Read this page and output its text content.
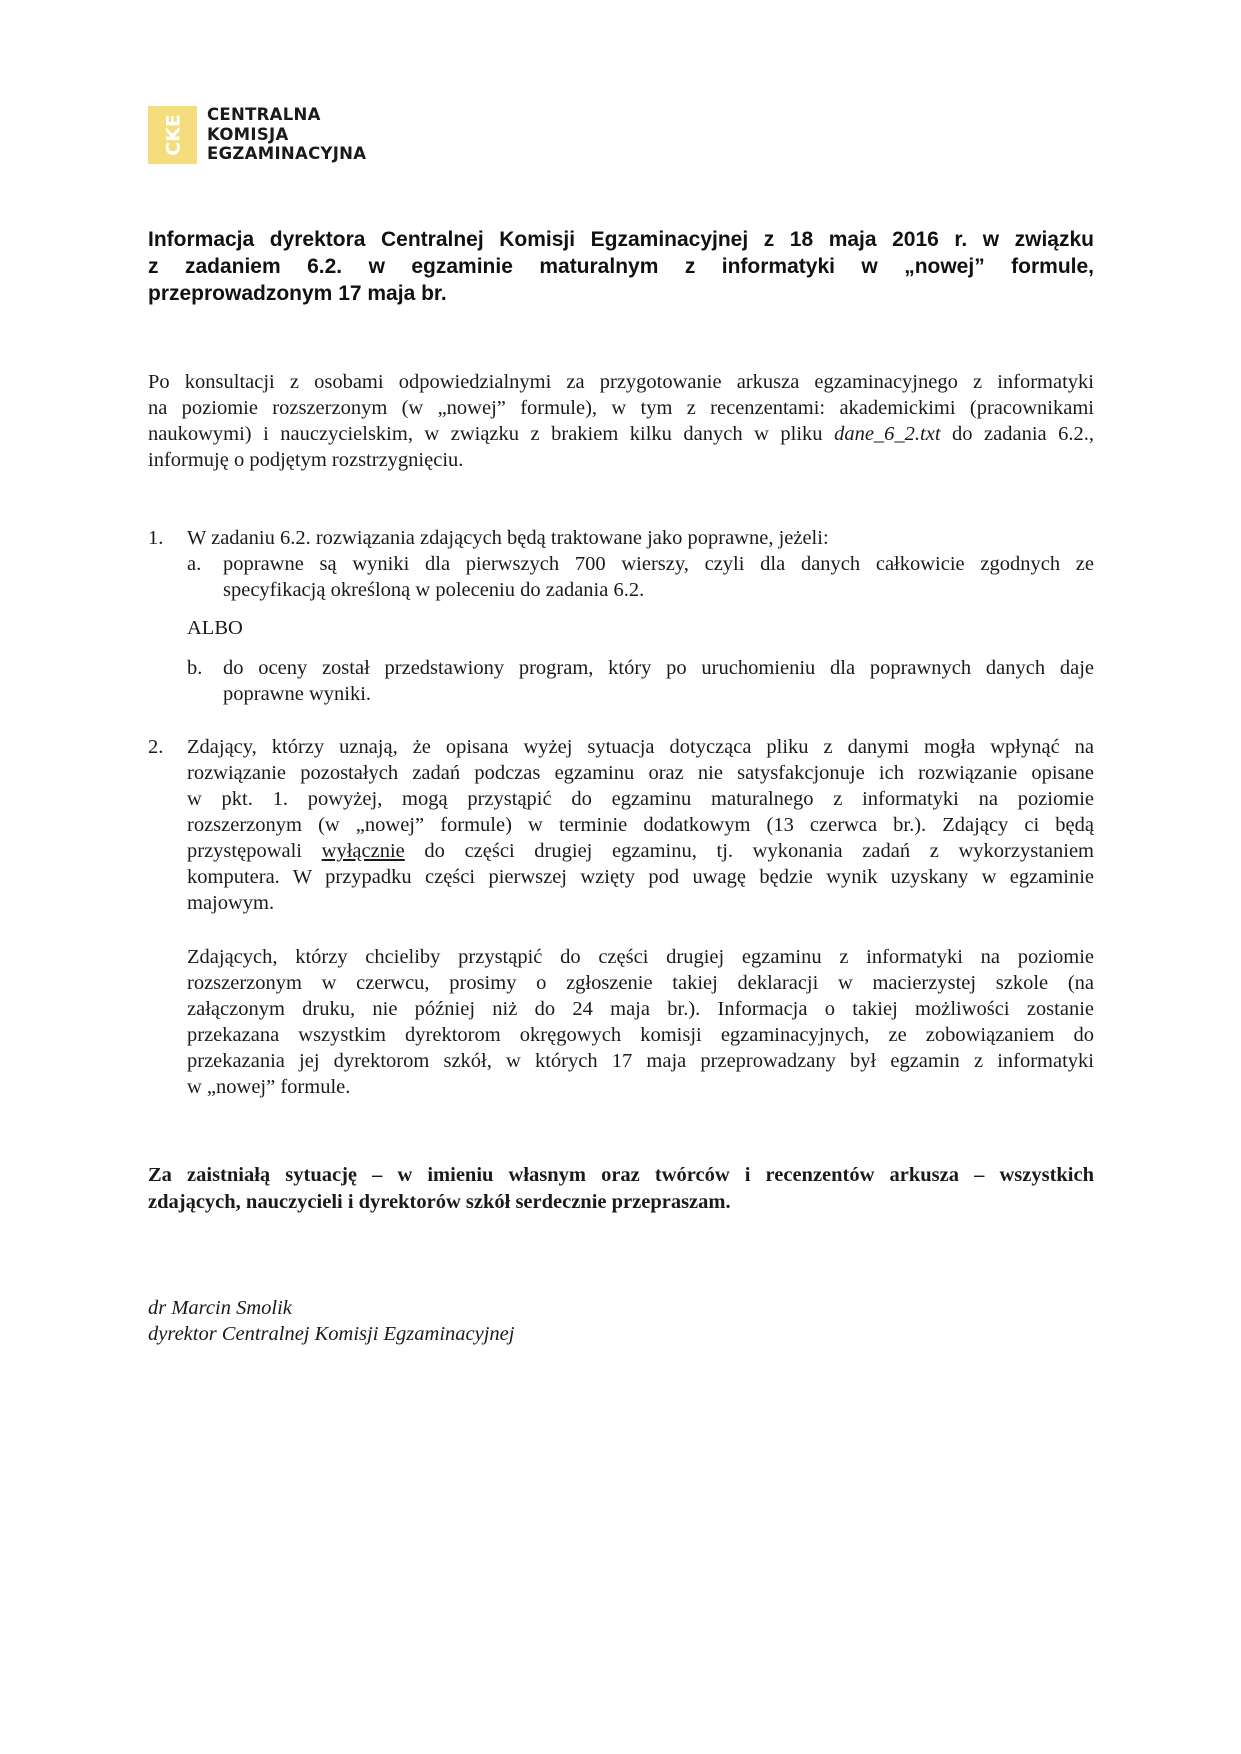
CKE CENTRALNA
KOMISJA
EGZAMINACYJNA
Informacja dyrektora Centralnej Komisji Egzaminacyjnej z 18 maja 2016 r. w związku
z zadaniem 6.2. w egzaminie maturalnym z informatyki w „nowej” formule,
przeprowadzonym 17 maja br.
Po konsultacji z osobami odpowiedzialnymi za przygotowanie arkusza egzaminacyjnego z informatyki
na poziomie rozszerzonym (w „nowej” formule), w tym z recenzentami: akademickimi (pracownikami
naukowymi) i nauczycielskim, w związku z brakiem kilku danych w pliku dane_6_2.txt do zadania 6.2.,
informuję o podjętym rozstrzygnięciu.
1. W zadaniu 6.2. rozwiązania zdających będą traktowane jako poprawne, jeżeli:
a. poprawne są wyniki dla pierwszych 700 wierszy, czyli dla danych całkowicie zgodnych ze
specyfikacją określoną w poleceniu do zadania 6.2.
ALBO
b. do oceny został przedstawiony program, który po uruchomieniu dla poprawnych danych daje
poprawne wyniki.
2. Zdający, którzy uznają, że opisana wyżej sytuacja dotycząca pliku z danymi mogła wpłynąć na
rozwiązanie pozostałych zadań podczas egzaminu oraz nie satysfakcjonuje ich rozwiązanie opisane
w pkt. 1. powyżej, mogą przystąpić do egzaminu maturalnego z informatyki na poziomie
rozszerzonym (w „nowej” formule) w terminie dodatkowym (13 czerwca br.). Zdający ci będą
przystępowali wyłącznie do części drugiej egzaminu, tj. wykonania zadań z wykorzystaniem
komputera. W przypadku części pierwszej wzięty pod uwagę będzie wynik uzyskany w egzaminie
majowym.
Zdających, którzy chcieliby przystąpić do części drugiej egzaminu z informatyki na poziomie
rozszerzonym w czerwcu, prosimy o zgłoszenie takiej deklaracji w macierzystej szkole (na
załączonym druku, nie później niż do 24 maja br.). Informacja o takiej możliwości zostanie
przekazana wszystkim dyrektorom okręgowych komisji egzaminacyjnych, ze zobowiązaniem do
przekazania jej dyrektorom szkół, w których 17 maja przeprowadzany był egzamin z informatyki
w „nowej” formule.
Za zaistniałą sytuację – w imieniu własnym oraz twórców i recenzentów arkusza – wszystkich
zdających, nauczycieli i dyrektorów szkół serdecznie przepraszam.
dr Marcin Smolik
dyrektor Centralnej Komisji Egzaminacyjnej
